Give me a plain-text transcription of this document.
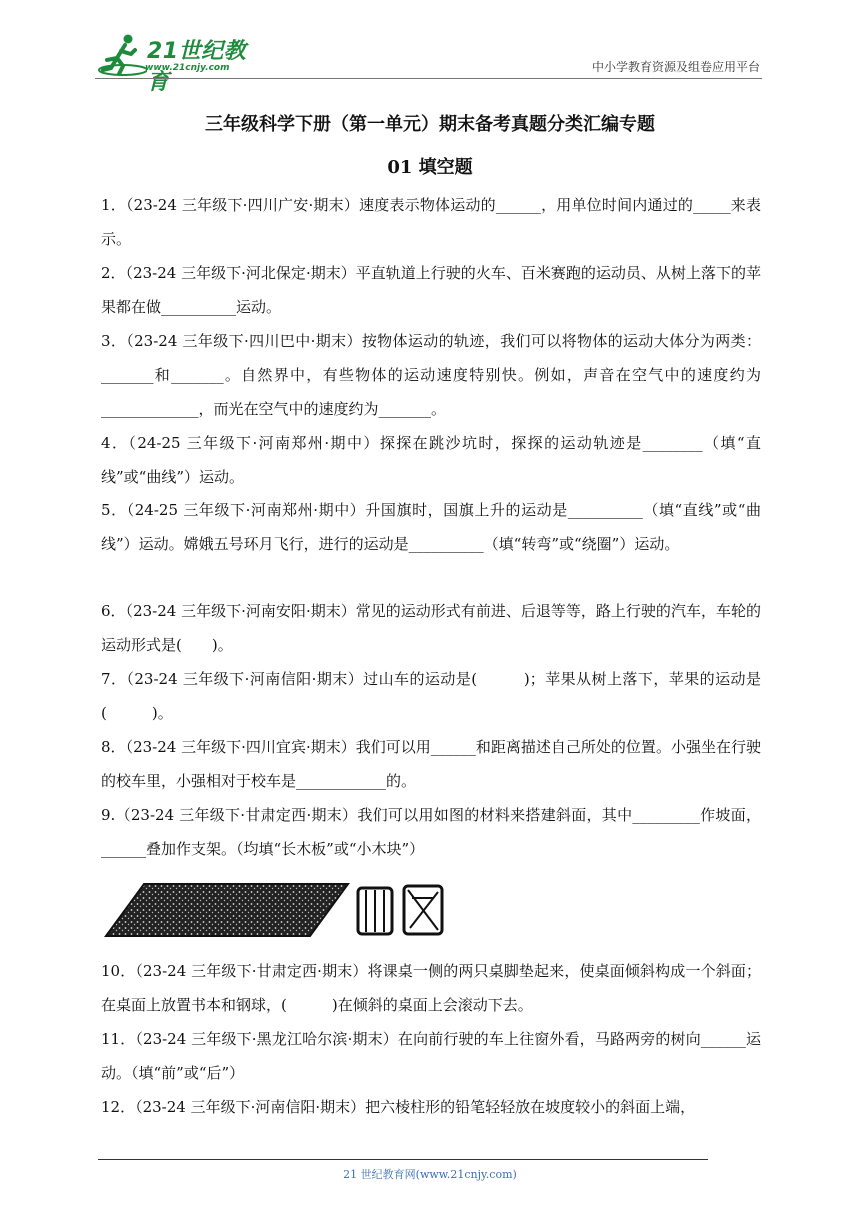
21世纪教育
www.21cnjy.com	中小学教育资源及组卷应用平台
三年级科学下册（第一单元）期末备考真题分类汇编专题
01 填空题

1．（23-24 三年级下·四川广安·期末）速度表示物体运动的______，用单位时间内通过的_____来表示。

2．（23-24 三年级下·河北保定·期末）平直轨道上行驶的火车、百米赛跑的运动员、从树上落下的苹果都在做__________运动。

3．（23-24 三年级下·四川巴中·期末）按物体运动的轨迹，我们可以将物体的运动大体分为两类：_______和_______。自然界中，有些物体的运动速度特别快。例如，声音在空气中的速度约为_____________，而光在空气中的速度约为_______。

4．（24-25 三年级下·河南郑州·期中）探探在跳沙坑时，探探的运动轨迹是________（填“直线”或“曲线”）运动。

5．（24-25 三年级下·河南郑州·期中）升国旗时，国旗上升的运动是__________（填“直线”或“曲线”）运动。嫦娥五号环月飞行，进行的运动是__________（填“转弯”或“绕圈”）运动。

6．（23-24 三年级下·河南安阳·期末）常见的运动形式有前进、后退等等，路上行驶的汽车，车轮的运动形式是(　　)。

7．（23-24 三年级下·河南信阳·期末）过山车的运动是(　　　)；苹果从树上落下，苹果的运动是(　　　)。

8．（23-24 三年级下·四川宜宾·期末）我们可以用______和距离描述自己所处的位置。小强坐在行驶的校车里，小强相对于校车是____________的。

9.（23-24 三年级下·甘肃定西·期末）我们可以用如图的材料来搭建斜面，其中_________作坡面，______叠加作支架。（均填“长木板”或“小木块”）

10．（23-24 三年级下·甘肃定西·期末）将课桌一侧的两只桌脚垫起来，使桌面倾斜构成一个斜面；在桌面上放置书本和钢球，(　　　)在倾斜的桌面上会滚动下去。

11．（23-24 三年级下·黑龙江哈尔滨·期末）在向前行驶的车上往窗外看，马路两旁的树向______运动。（填“前”或“后”）

12．（23-24 三年级下·河南信阳·期末）把六棱柱形的铅笔轻轻放在坡度较小的斜面上端，

21 世纪教育网(www.21cnjy.com)
